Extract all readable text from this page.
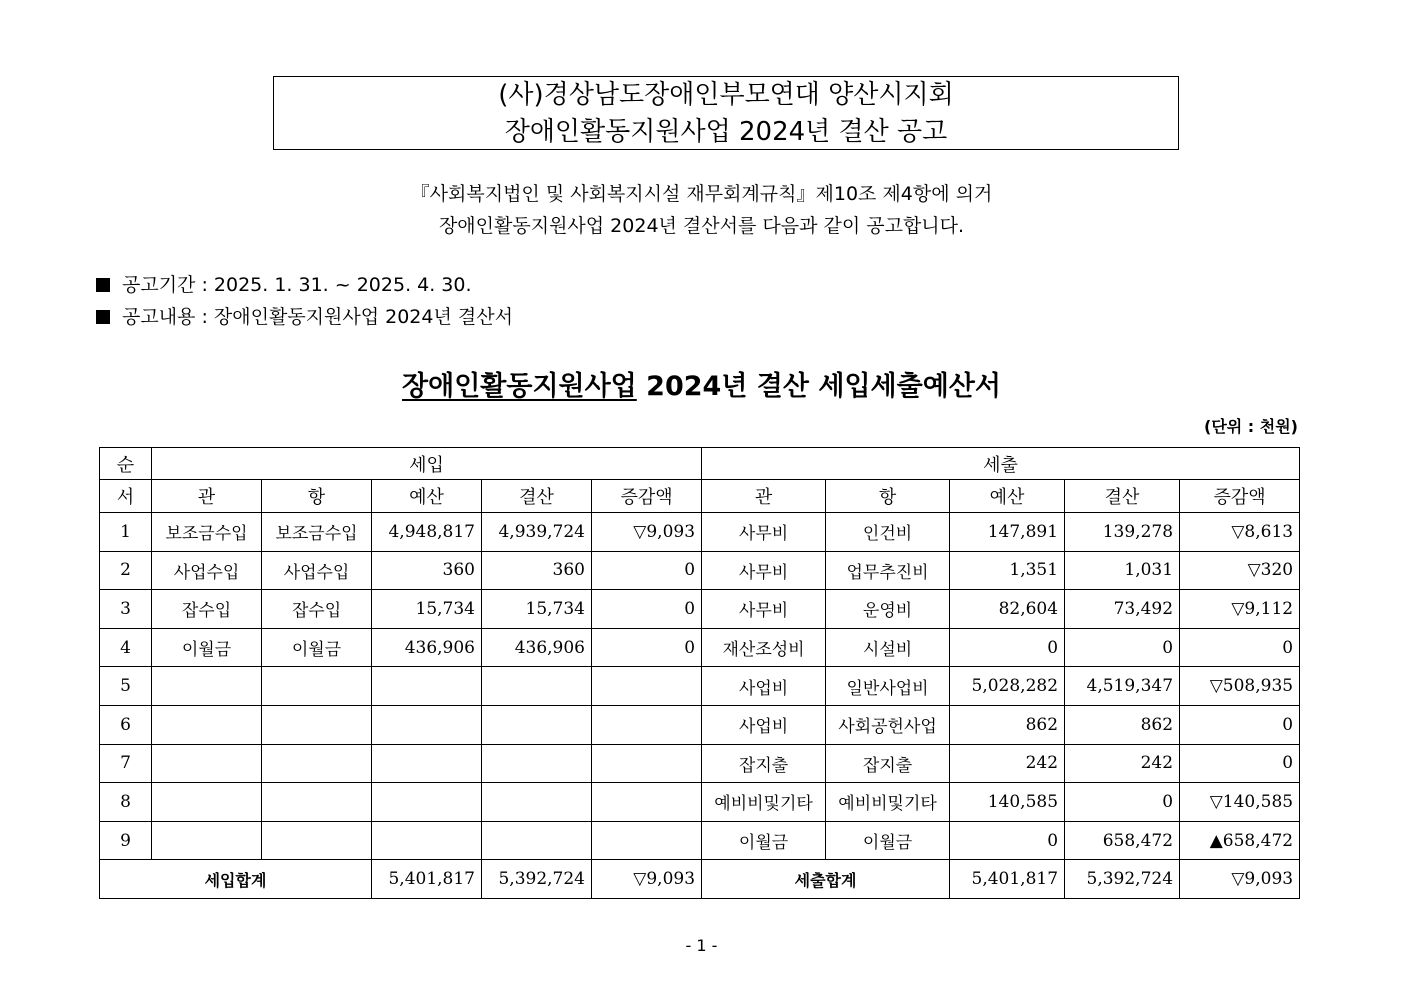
(사)경상남도장애인부모연대 양산시지회
장애인활동지원사업 2024년 결산 공고
『사회복지법인 및 사회복지시설 재무회계규칙』제10조 제4항에 의거
장애인활동지원사업 2024년 결산서를 다음과 같이 공고합니다.
공고기간 : 2025. 1. 31. ~ 2025. 4. 30.
공고내용 : 장애인활동지원사업 2024년 결산서
장애인활동지원사업 2024년 결산 세입세출예산서
(단위 : 천원)
순	세입					세출				
서	관	항	예산	결산	증감액	관	항	예산	결산	증감액
1	보조금수입	보조금수입	4,948,817	4,939,724	▽9,093	사무비	인건비	147,891	139,278	▽8,613
2	사업수입	사업수입	360	360	0	사무비	업무추진비	1,351	1,031	▽320
3	잡수입	잡수입	15,734	15,734	0	사무비	운영비	82,604	73,492	▽9,112
4	이월금	이월금	436,906	436,906	0	재산조성비	시설비	0	0	0
5						사업비	일반사업비	5,028,282	4,519,347	▽508,935
6						사업비	사회공헌사업	862	862	0
7						잡지출	잡지출	242	242	0
8						예비비및기타	예비비및기타	140,585	0	▽140,585
9						이월금	이월금	0	658,472	▲658,472
세입합계			5,401,817	5,392,724	▽9,093	세출합계		5,401,817	5,392,724	▽9,093
- 1 -
